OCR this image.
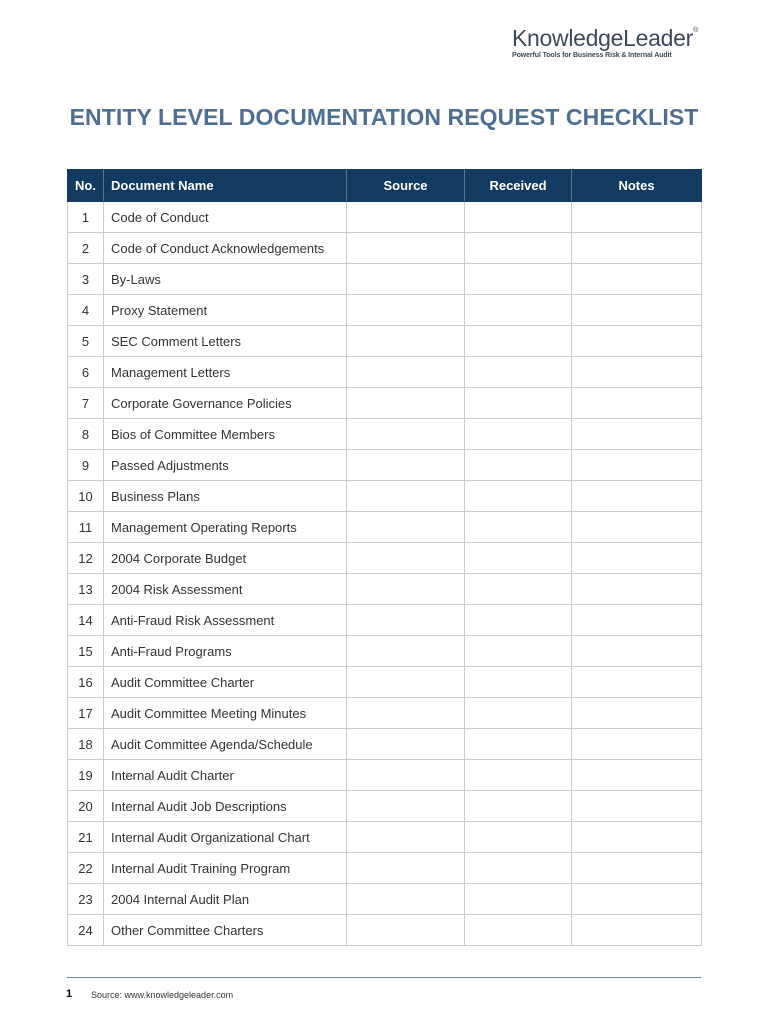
KnowledgeLeader®
Powerful Tools for Business Risk & Internal Audit
ENTITY LEVEL DOCUMENTATION REQUEST CHECKLIST
No.	Document Name	Source	Received	Notes
1	Code of Conduct			
2	Code of Conduct Acknowledgements			
3	By-Laws			
4	Proxy Statement			
5	SEC Comment Letters			
6	Management Letters			
7	Corporate Governance Policies			
8	Bios of Committee Members			
9	Passed Adjustments			
10	Business Plans			
11	Management Operating Reports			
12	2004 Corporate Budget			
13	2004 Risk Assessment			
14	Anti-Fraud Risk Assessment			
15	Anti-Fraud Programs			
16	Audit Committee Charter			
17	Audit Committee Meeting Minutes			
18	Audit Committee Agenda/Schedule			
19	Internal Audit Charter			
20	Internal Audit Job Descriptions			
21	Internal Audit Organizational Chart			
22	Internal Audit Training Program			
23	2004 Internal Audit Plan			
24	Other Committee Charters			
1 Source: www.knowledgeleader.com
